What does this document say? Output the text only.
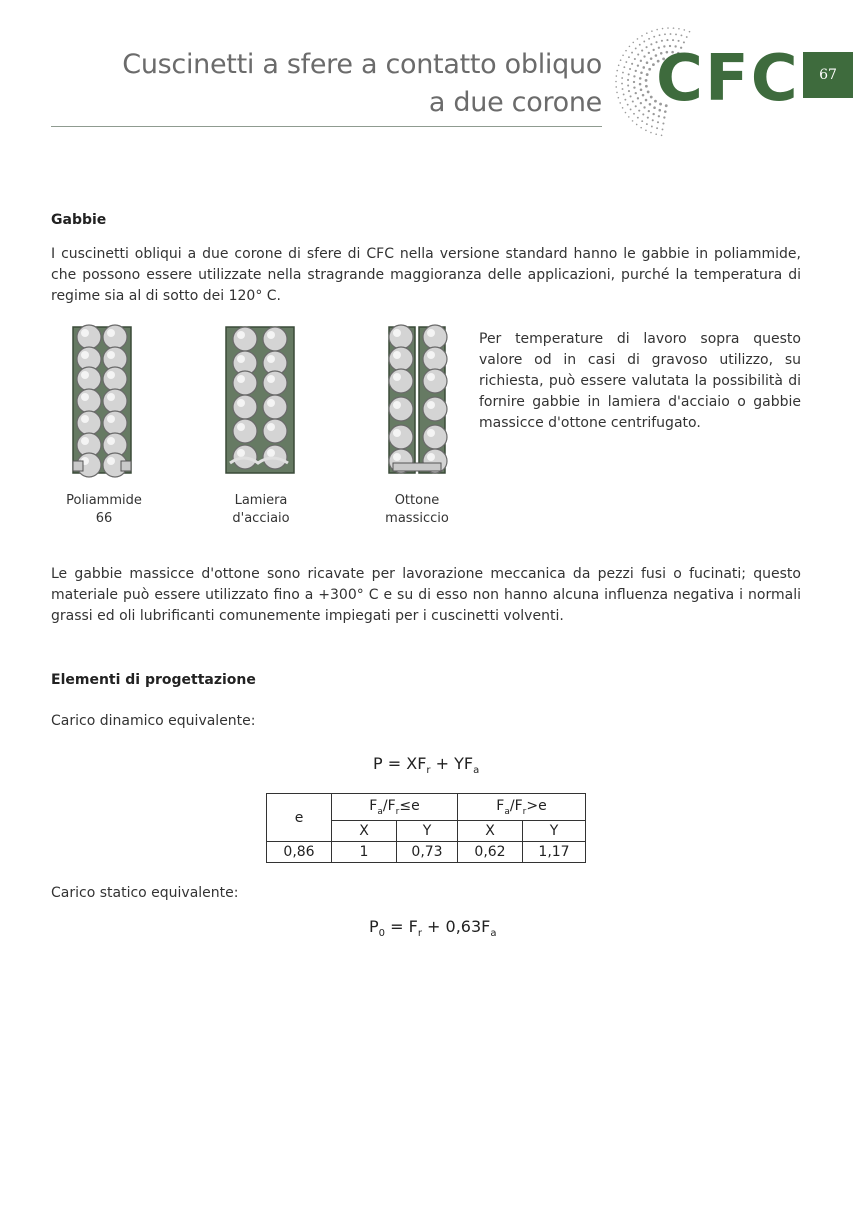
Cuscinetti a sfere a contatto obliquo
a due corone CFC	67
Gabbie
I cuscinetti obliqui a due corone di sfere di CFC nella versione standard hanno le gabbie in poliammide, che possono essere utilizzate nella stragrande maggioranza delle applicazioni, purché la temperatura di regime sia al di sotto dei 120° C.
Poliammide
66
Lamiera
d'acciaio
Ottone
massiccio
Per temperature di lavoro sopra questo valore od in casi di gravoso utilizzo, su richiesta, può essere valutata la possibilità di fornire gabbie in lamiera d'acciaio o gabbie massicce d'ottone centrifugato.
Le gabbie massicce d'ottone sono ricavate per lavorazione meccanica da pezzi fusi o fucinati; questo materiale può essere utilizzato fino a +300° C e su di esso non hanno alcuna influenza negativa i normali grassi ed oli lubrificanti comunemente impiegati per i cuscinetti volventi.
Elementi di progettazione
Carico dinamico equivalente:
$P = XF_r + YF_a$
e	$F_a/F_r\le e$		$F_a/F_r>e$	
	X	Y	X	Y
0,86	1	0,73	0,62	1,17
Carico statico equivalente:
$P_0 = F_r + 0,63F_a$
